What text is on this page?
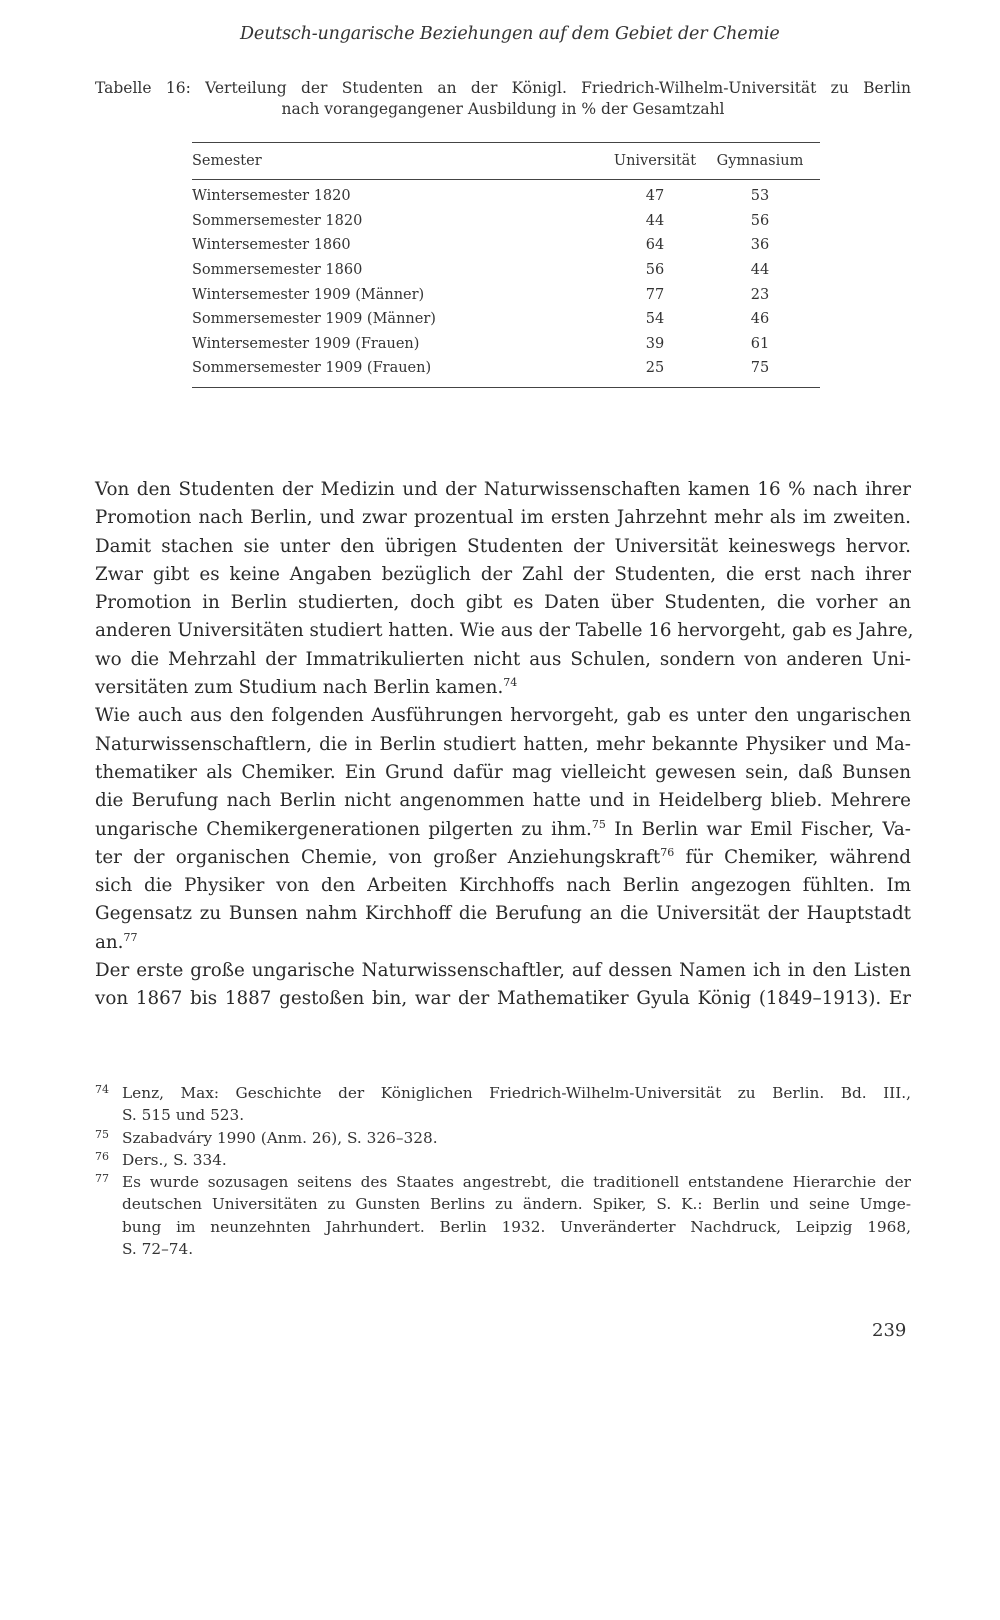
Deutsch-ungarische Beziehungen auf dem Gebiet der Chemie
Tabelle 16: Verteilung der Studenten an der Königl. Friedrich-Wilhelm-Universität zu Berlin
nach vorangegangener Ausbildung in % der Gesamtzahl
Semester	Universität	Gymnasium
Wintersemester 1820	47	53
Sommersemester 1820	44	56
Wintersemester 1860	64	36
Sommersemester 1860	56	44
Wintersemester 1909 (Männer)	77	23
Sommersemester 1909 (Männer)	54	46
Wintersemester 1909 (Frauen)	39	61
Sommersemester 1909 (Frauen)	25	75
Von den Studenten der Medizin und der Naturwissenschaften kamen 16 % nach ihrer
Promotion nach Berlin, und zwar prozentual im ersten Jahrzehnt mehr als im zweiten.
Damit stachen sie unter den übrigen Studenten der Universität keineswegs hervor.
Zwar gibt es keine Angaben bezüglich der Zahl der Studenten, die erst nach ihrer
Promotion in Berlin studierten, doch gibt es Daten über Studenten, die vorher an
anderen Universitäten studiert hatten. Wie aus der Tabelle 16 hervorgeht, gab es Jahre,
wo die Mehrzahl der Immatrikulierten nicht aus Schulen, sondern von anderen Uni-
versitäten zum Studium nach Berlin kamen.$^{74}$
Wie auch aus den folgenden Ausführungen hervorgeht, gab es unter den ungarischen
Naturwissenschaftlern, die in Berlin studiert hatten, mehr bekannte Physiker und Ma-
thematiker als Chemiker. Ein Grund dafür mag vielleicht gewesen sein, daß Bunsen
die Berufung nach Berlin nicht angenommen hatte und in Heidelberg blieb. Mehrere
ungarische Chemikergenerationen pilgerten zu ihm.$^{75}$ In Berlin war Emil Fischer, Va-
ter der organischen Chemie, von großer Anziehungskraft$^{76}$ für Chemiker, während
sich die Physiker von den Arbeiten Kirchhoffs nach Berlin angezogen fühlten. Im
Gegensatz zu Bunsen nahm Kirchhoff die Berufung an die Universität der Hauptstadt
an.$^{77}$
Der erste große ungarische Naturwissenschaftler, auf dessen Namen ich in den Listen
von 1867 bis 1887 gestoßen bin, war der Mathematiker Gyula König (1849–1913). Er
$^{74}$ Lenz, Max: Geschichte der Königlichen Friedrich-Wilhelm-Universität zu Berlin. Bd. III.,
S. 515 und 523.
$^{75}$ Szabadváry 1990 (Anm. 26), S. 326–328.
$^{76}$ Ders., S. 334.
$^{77}$ Es wurde sozusagen seitens des Staates angestrebt, die traditionell entstandene Hierarchie der
deutschen Universitäten zu Gunsten Berlins zu ändern. Spiker, S. K.: Berlin und seine Umge-
bung im neunzehnten Jahrhundert. Berlin 1932. Unveränderter Nachdruck, Leipzig 1968,
S. 72–74.
239
